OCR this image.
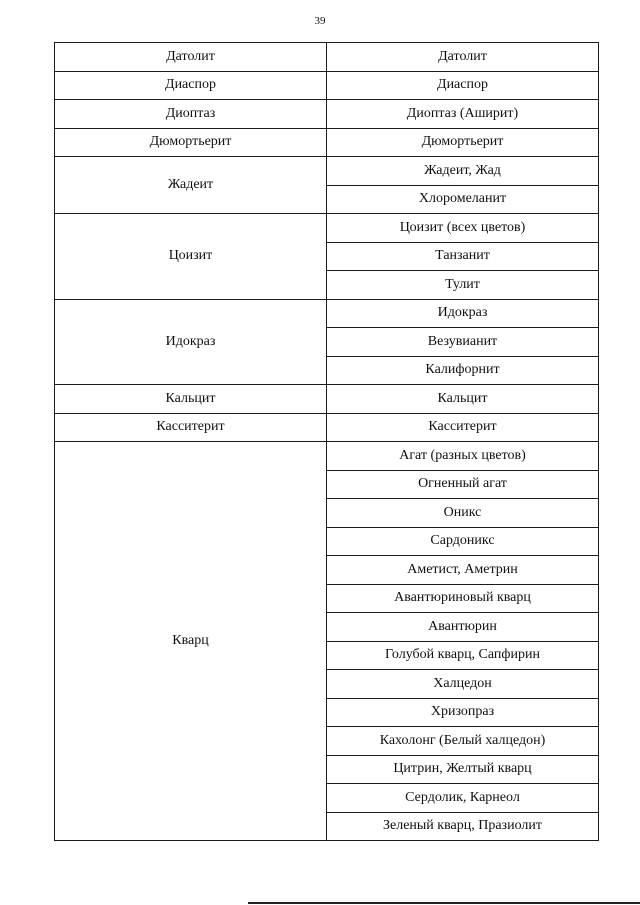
39
Датолит	Датолит
Диаспор	Диаспор
Диоптаз	Диоптаз (Аширит)
Дюмортьерит	Дюмортьерит
Жадеит	Жадеит, Жад
	Хлоромеланит
Цоизит	Цоизит (всех цветов)
	Танзанит
	Тулит
Идокраз	Идокраз
	Везувианит
	Калифорнит
Кальцит	Кальцит
Касситерит	Касситерит
Кварц	Агат (разных цветов)
	Огненный агат
	Оникс
	Сардоникс
	Аметист, Аметрин
	Авантюриновый кварц
	Авантюрин
	Голубой кварц, Сапфирин
	Халцедон
	Хризопраз
	Кахолонг (Белый халцедон)
	Цитрин, Желтый кварц
	Сердолик, Карнеол
	Зеленый кварц, Празиолит
